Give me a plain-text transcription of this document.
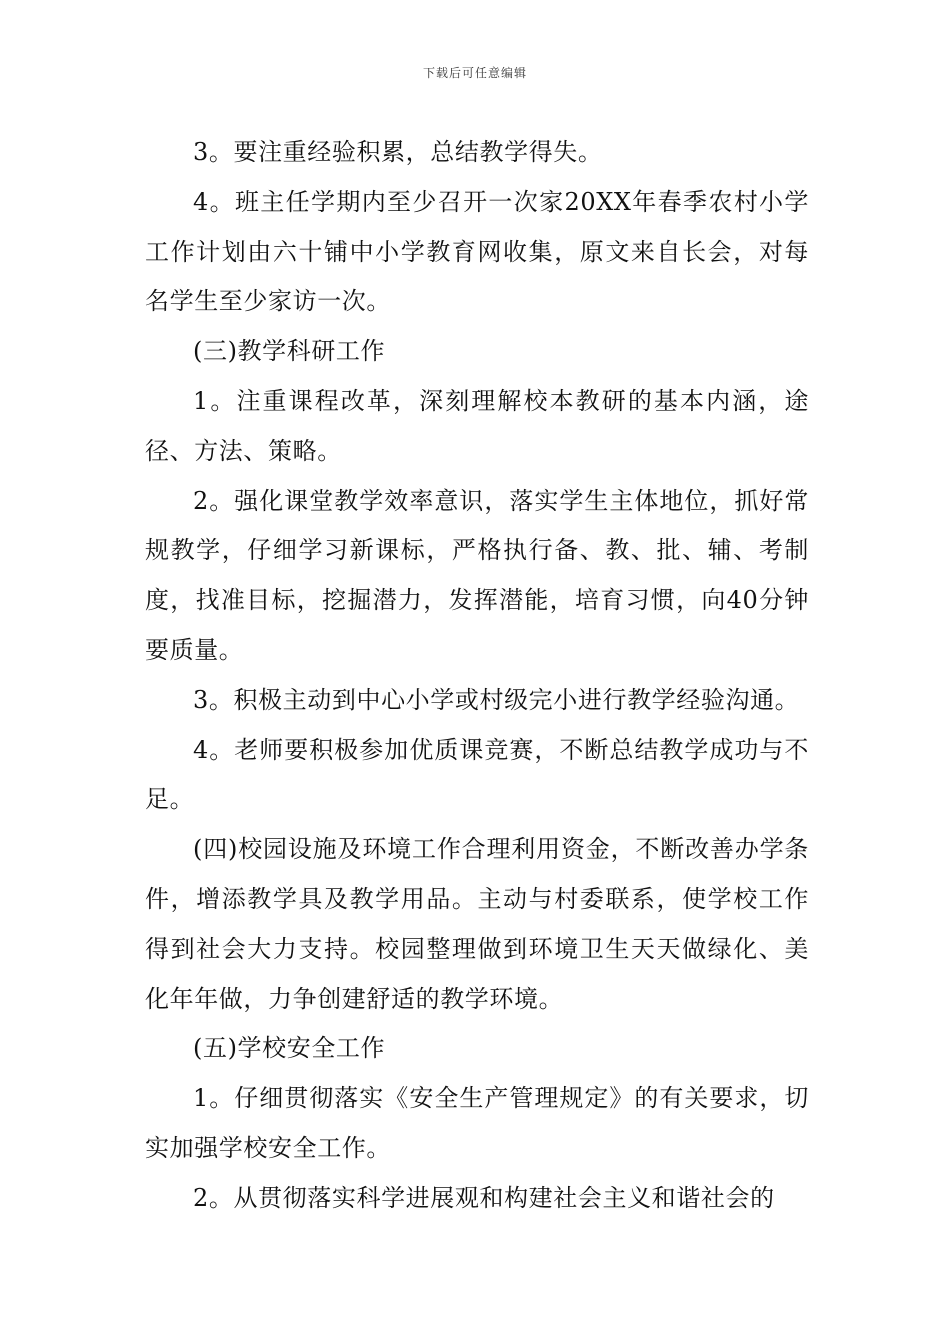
下载后可任意编辑

3。要注重经验积累，总结教学得失。

4。班主任学期内至少召开一次家20XX年春季农村小学工作计划由六十铺中小学教育网收集，原文来自长会，对每名学生至少家访一次。

(三)教学科研工作

1。注重课程改革，深刻理解校本教研的基本内涵，途径、方法、策略。

2。强化课堂教学效率意识，落实学生主体地位，抓好常规教学，仔细学习新课标，严格执行备、教、批、辅、考制度，找准目标，挖掘潜力，发挥潜能，培育习惯，向40分钟要质量。

3。积极主动到中心小学或村级完小进行教学经验沟通。

4。老师要积极参加优质课竞赛，不断总结教学成功与不足。

(四)校园设施及环境工作合理利用资金，不断改善办学条件，增添教学具及教学用品。主动与村委联系，使学校工作得到社会大力支持。校园整理做到环境卫生天天做绿化、美化年年做，力争创建舒适的教学环境。

(五)学校安全工作

1。仔细贯彻落实《安全生产管理规定》的有关要求，切实加强学校安全工作。

2。从贯彻落实科学进展观和构建社会主义和谐社会的
